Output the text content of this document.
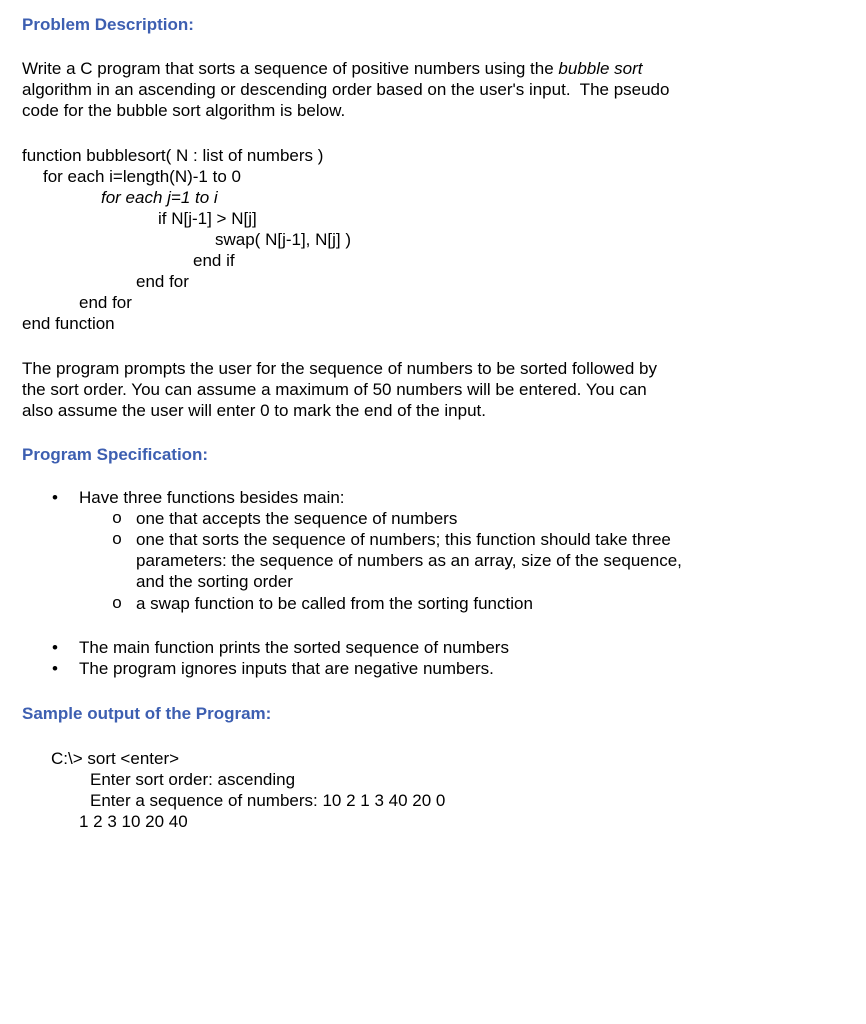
Problem Description:
Write a C program that sorts a sequence of positive numbers using the bubble sort
algorithm in an ascending or descending order based on the user's input.  The pseudo
code for the bubble sort algorithm is below.
function bubblesort( N : list of numbers )
for each i=length(N)-1 to 0
for each j=1 to i
if N[j-1] > N[j]
swap( N[j-1], N[j] )
end if
end for
end for
end function
The program prompts the user for the sequence of numbers to be sorted followed by
the sort order. You can assume a maximum of 50 numbers will be entered. You can
also assume the user will enter 0 to mark the end of the input.
Program Specification:
• Have three functions besides main:
o one that accepts the sequence of numbers
o one that sorts the sequence of numbers; this function should take three
parameters: the sequence of numbers as an array, size of the sequence,
and the sorting order
o a swap function to be called from the sorting function
• The main function prints the sorted sequence of numbers
• The program ignores inputs that are negative numbers.
Sample output of the Program:
C:\> sort <enter>
Enter sort order: ascending
Enter a sequence of numbers: 10 2 1 3 40 20 0
1 2 3 10 20 40
